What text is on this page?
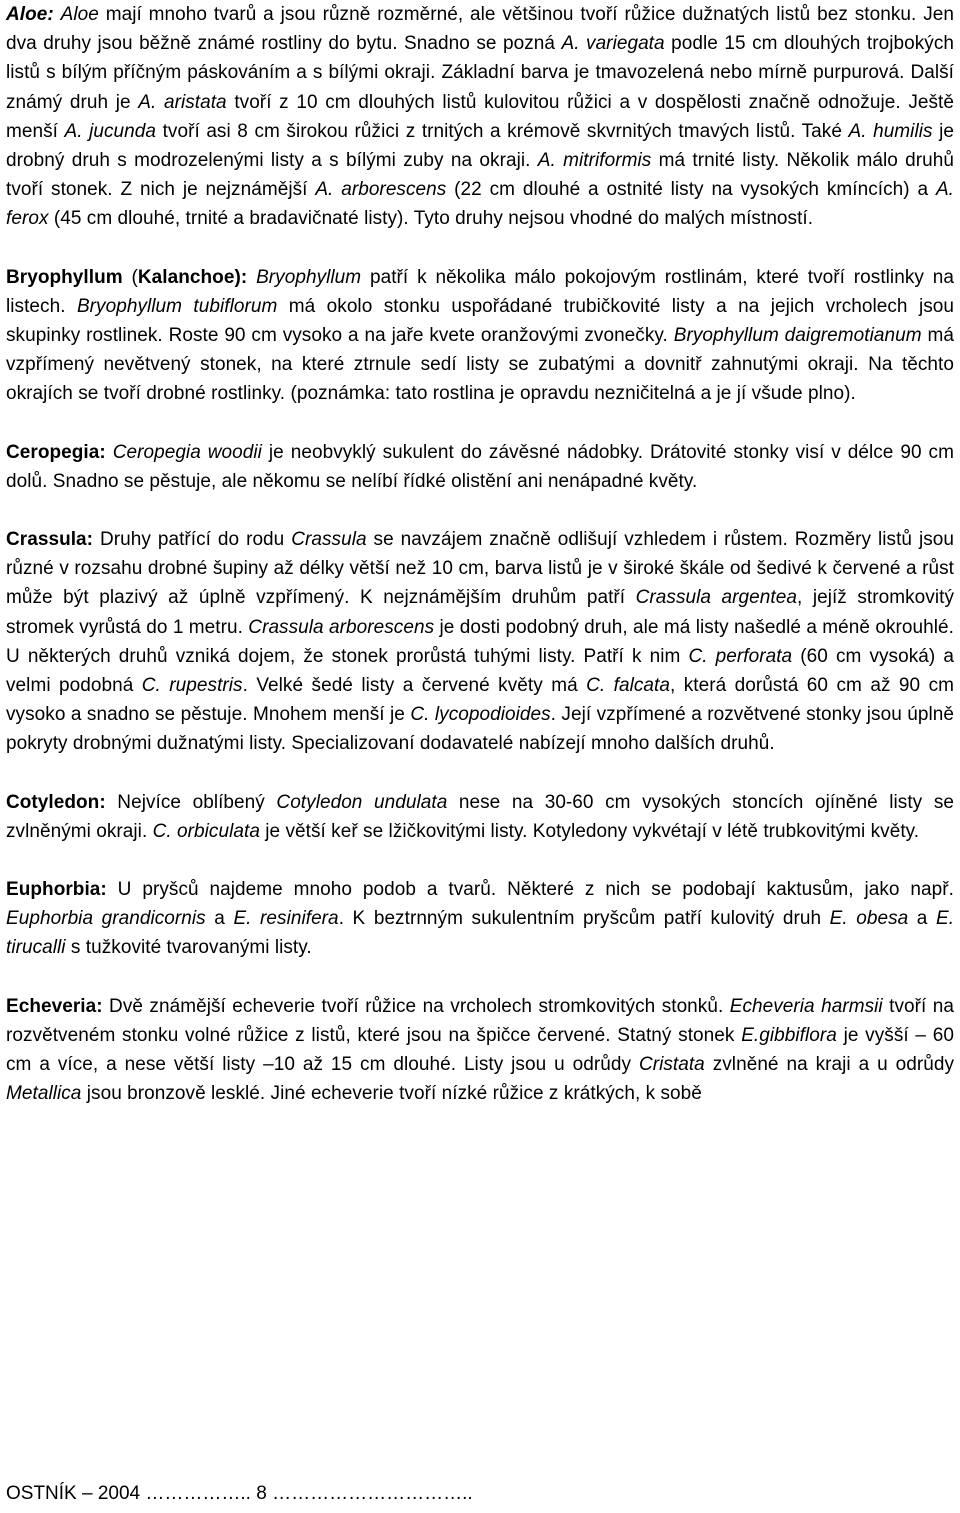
Aloe: Aloe mají mnoho tvarů a jsou různě rozměrné, ale většinou tvoří růžice dužnatých listů bez stonku. Jen dva druhy jsou běžně známé rostliny do bytu. Snadno se pozná A. variegata podle 15 cm dlouhých trojbokých listů s bílým příčným páskováním a s bílými okraji. Základní barva je tmavozelená nebo mírně purpurová. Další známý druh je A. aristata tvoří z 10 cm dlouhých listů kulovitou růžici a v dospělosti značně odnožuje. Ještě menší A. jucunda tvoří asi 8 cm širokou růžici z trnitých a krémově skvrnitých tmavých listů. Také A. humilis je drobný druh s modrozelenými listy a s bílými zuby na okraji. A. mitriformis má trnité listy. Několik málo druhů tvoří stonek. Z nich je nejznámější A. arborescens (22 cm dlouhé a ostnité listy na vysokých kmíncích) a A. ferox (45 cm dlouhé, trnité a bradavičnaté listy). Tyto druhy nejsou vhodné do malých místností.

Bryophyllum (Kalanchoe): Bryophyllum patří k několika málo pokojovým rostlinám, které tvoří rostlinky na listech. Bryophyllum tubiflorum má okolo stonku uspořádané trubičkovité listy a na jejich vrcholech jsou skupinky rostlinek. Roste 90 cm vysoko a na jaře kvete oranžovými zvonečky. Bryophyllum daigremotianum má vzpřímený nevětvený stonek, na které ztrnule sedí listy se zubatými a dovnitř zahnutými okraji. Na těchto okrajích se tvoří drobné rostlinky. (poznámka: tato rostlina je opravdu nezničitelná a je jí všude plno).

Ceropegia: Ceropegia woodii je neobvyklý sukulent do závěsné nádobky. Drátovité stonky visí v délce 90 cm dolů. Snadno se pěstuje, ale někomu se nelíbí řídké olistění ani nenápadné květy.

Crassula: Druhy patřící do rodu Crassula se navzájem značně odlišují vzhledem i růstem. Rozměry listů jsou různé v rozsahu drobné šupiny až délky větší než 10 cm, barva listů je v široké škále od šedivé k červené a růst může být plazivý až úplně vzpřímený. K nejznámějším druhům patří Crassula argentea, jejíž stromkovitý stromek vyrůstá do 1 metru. Crassula arborescens je dosti podobný druh, ale má listy našedlé a méně okrouhlé. U některých druhů vzniká dojem, že stonek prorůstá tuhými listy. Patří k nim C. perforata (60 cm vysoká) a velmi podobná C. rupestris. Velké šedé listy a červené květy má C. falcata, která dorůstá 60 cm až 90 cm vysoko a snadno se pěstuje. Mnohem menší je C. lycopodioides. Její vzpřímené a rozvětvené stonky jsou úplně pokryty drobnými dužnatými listy. Specializovaní dodavatelé nabízejí mnoho dalších druhů.

Cotyledon: Nejvíce oblíbený Cotyledon undulata nese na 30-60 cm vysokých stoncích ojíněné listy se zvlněnými okraji. C. orbiculata je větší keř se lžičkovitými listy. Kotyledony vykvétají v létě trubkovitými květy.

Euphorbia: U pryšců najdeme mnoho podob a tvarů. Některé z nich se podobají kaktusům, jako např. Euphorbia grandicornis a E. resinifera. K beztrnným sukulentním pryšcům patří kulovitý druh E. obesa a E. tirucalli s tužkovité tvarovanými listy.

Echeveria: Dvě známější echeverie tvoří růžice na vrcholech stromkovitých stonků. Echeveria harmsii tvoří na rozvětveném stonku volné růžice z listů, které jsou na špičce červené. Statný stonek E.gibbiflora je vyšší – 60 cm a více, a nese větší listy –10 až 15 cm dlouhé. Listy jsou u odrůdy Cristata zvlněné na kraji a u odrůdy Metallica jsou bronzově lesklé. Jiné echeverie tvoří nízké růžice z krátkých, k sobě

OSTNÍK – 2004 …………….. 8 …………………………..
